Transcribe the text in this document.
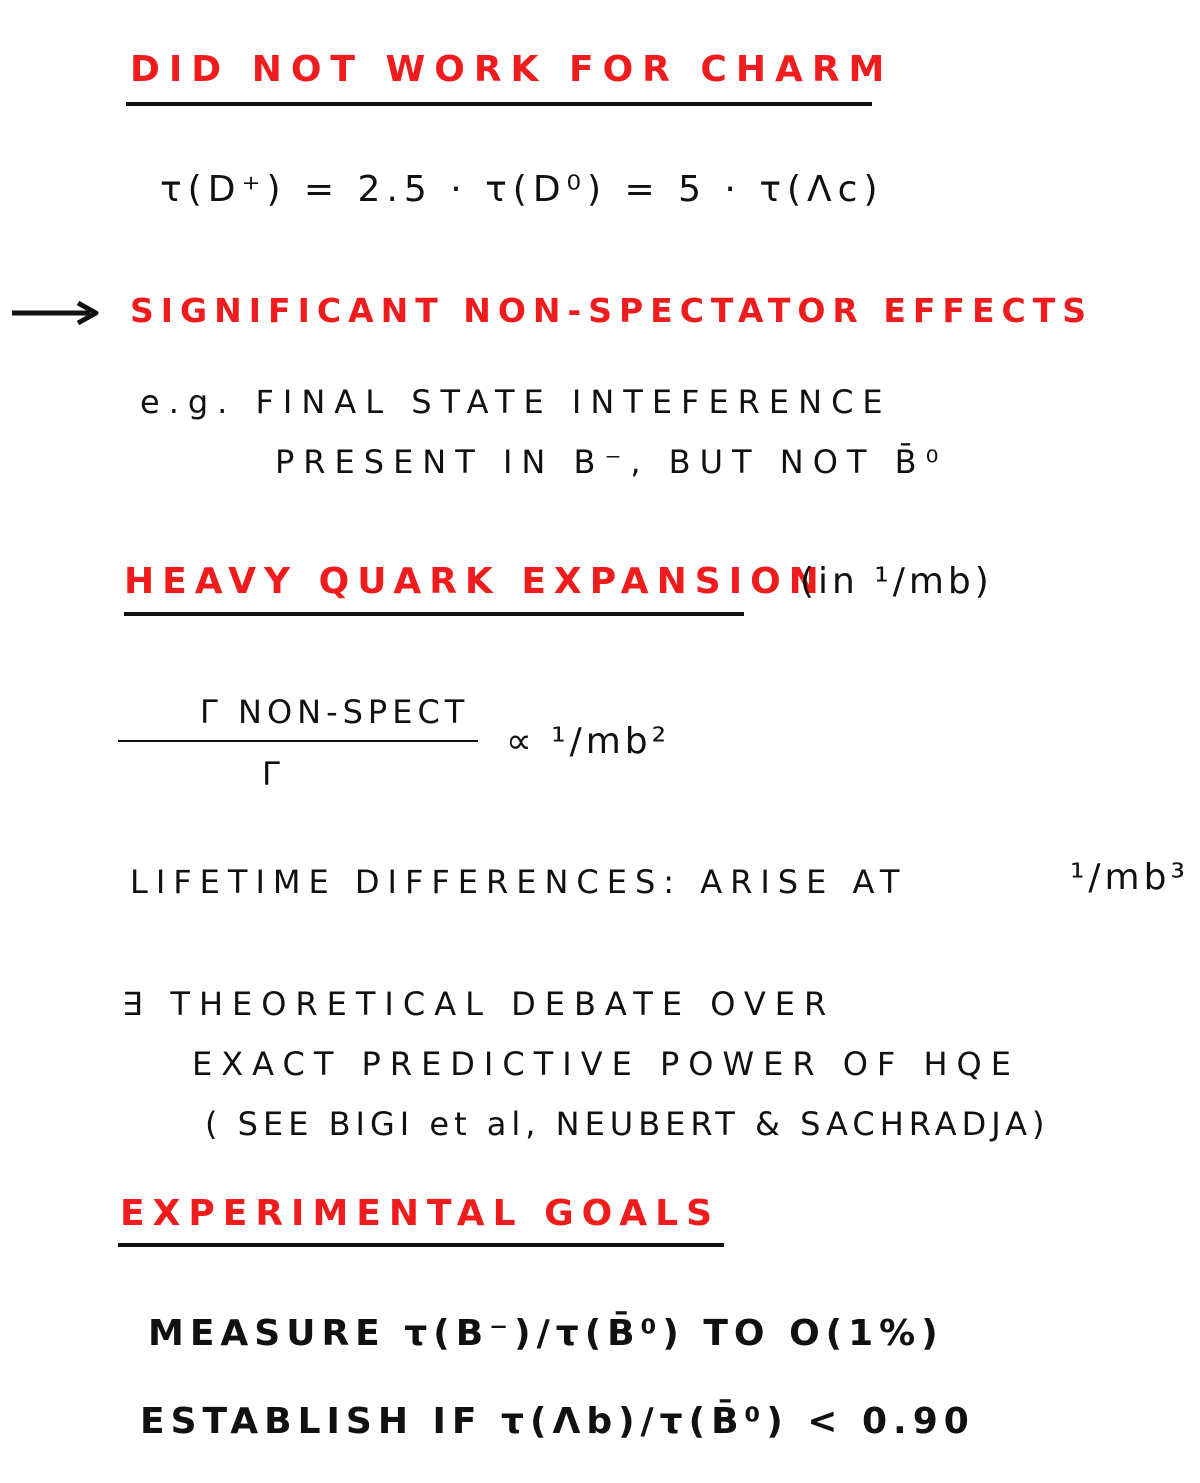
DID NOT WORK FOR CHARM
τ(D⁺) = 2.5 · τ(D⁰) = 5 · τ(Λc)
SIGNIFICANT NON-SPECTATOR EFFECTS
e.g. FINAL STATE INTEFERENCE
PRESENT IN B⁻, BUT NOT B̄⁰
HEAVY QUARK EXPANSION
(in ¹/mb)
Γ NON-SPECT
Γ
∝ ¹/mb²
LIFETIME DIFFERENCES: ARISE AT	¹/mb³
∃ THEORETICAL DEBATE OVER
EXACT PREDICTIVE POWER OF HQE
( SEE BIGI et al, NEUBERT & SACHRADJA)
EXPERIMENTAL GOALS
MEASURE τ(B⁻)/τ(B̄⁰) TO O(1%)
ESTABLISH IF τ(Λb)/τ(B̄⁰) < 0.90
